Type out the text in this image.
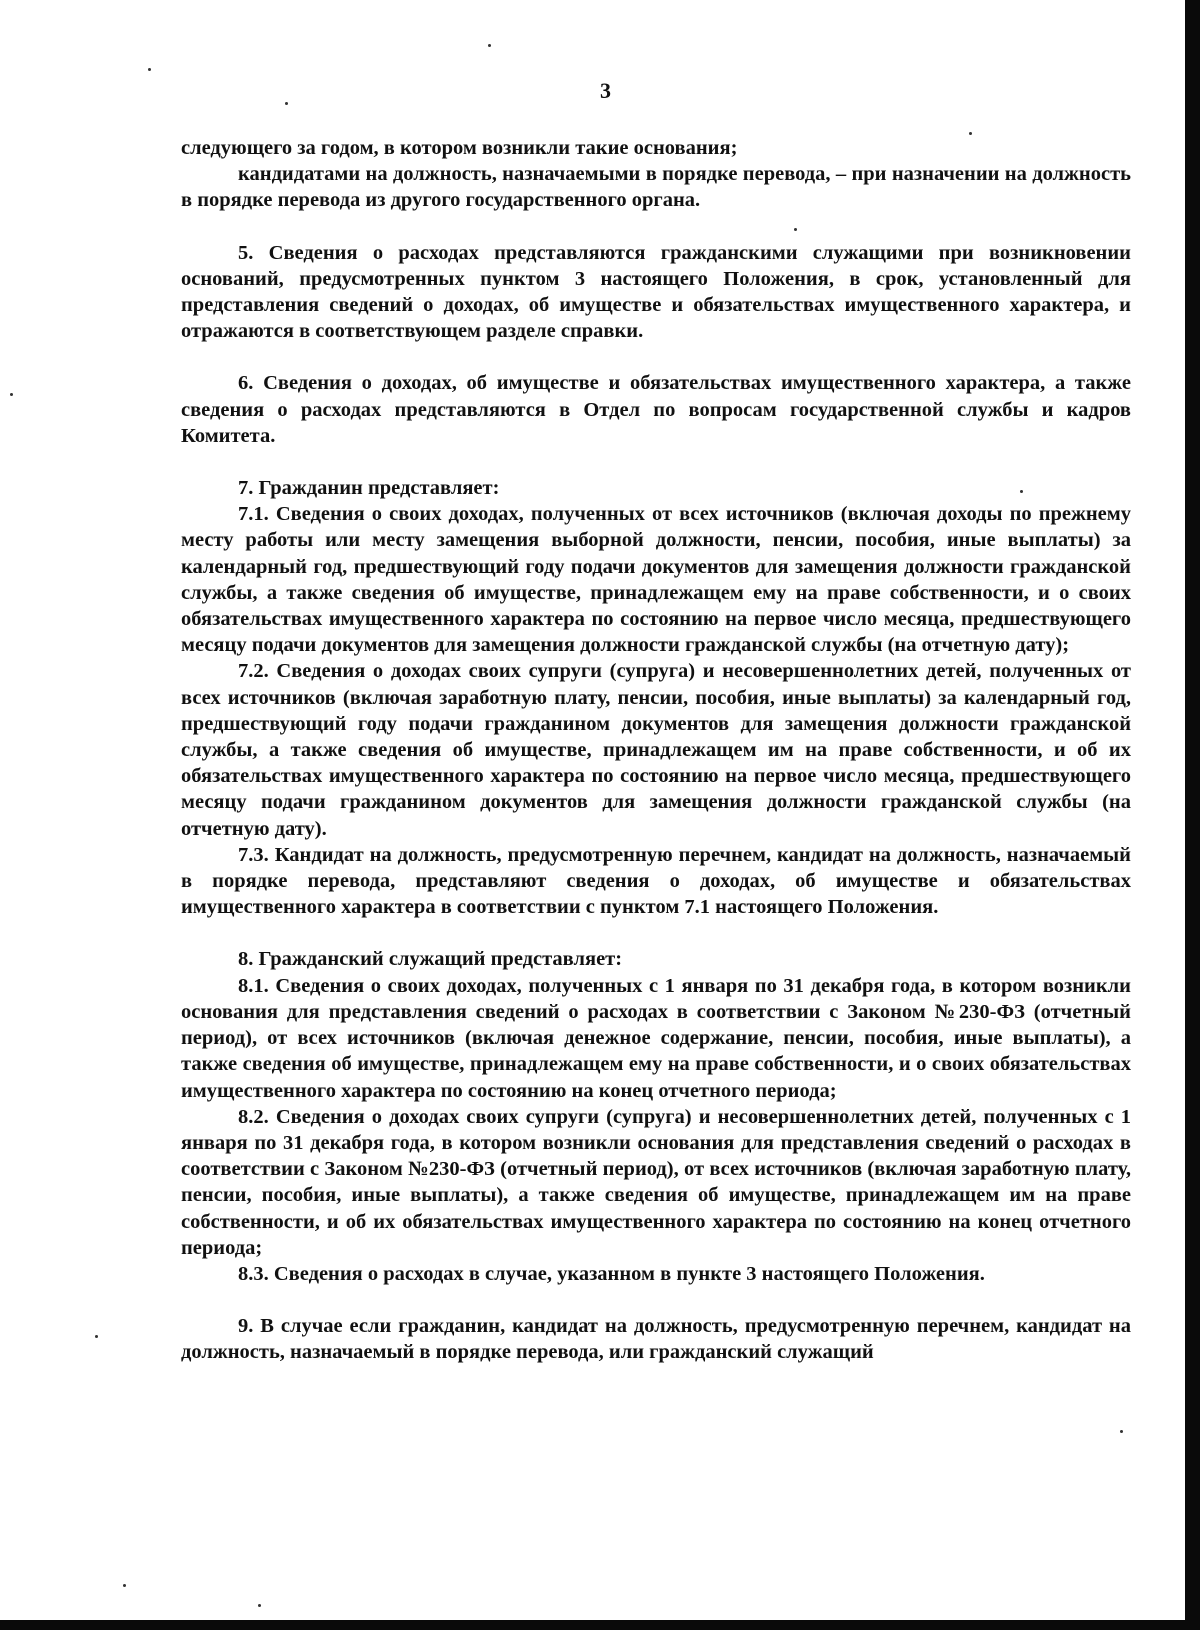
3

следующего за годом, в котором возникли такие основания;

кандидатами на должность, назначаемыми в порядке перевода, – при назначении на должность в порядке перевода из другого государственного органа.

5. Сведения о расходах представляются гражданскими служащими при возникновении оснований, предусмотренных пунктом 3 настоящего Положения, в срок, установленный для представления сведений о доходах, об имуществе и обязательствах имущественного характера, и отражаются в соответствующем разделе справки.

6. Сведения о доходах, об имуществе и обязательствах имущественного характера, а также сведения о расходах представляются в Отдел по вопросам государственной службы и кадров Комитета.

7. Гражданин представляет:

7.1. Сведения о своих доходах, полученных от всех источников (включая доходы по прежнему месту работы или месту замещения выборной должности, пенсии, пособия, иные выплаты) за календарный год, предшествующий году подачи документов для замещения должности гражданской службы, а также сведения об имуществе, принадлежащем ему на праве собственности, и о своих обязательствах имущественного характера по состоянию на первое число месяца, предшествующего месяцу подачи документов для замещения должности гражданской службы (на отчетную дату);

7.2. Сведения о доходах своих супруги (супруга) и несовершеннолетних детей, полученных от всех источников (включая заработную плату, пенсии, пособия, иные выплаты) за календарный год, предшествующий году подачи гражданином документов для замещения должности гражданской службы, а также сведения об имуществе, принадлежащем им на праве собственности, и об их обязательствах имущественного характера по состоянию на первое число месяца, предшествующего месяцу подачи гражданином документов для замещения должности гражданской службы (на отчетную дату).

7.3. Кандидат на должность, предусмотренную перечнем, кандидат на должность, назначаемый в порядке перевода, представляют сведения о доходах, об имуществе и обязательствах имущественного характера в соответствии с пунктом 7.1 настоящего Положения.

8. Гражданский служащий представляет:

8.1. Сведения о своих доходах, полученных с 1 января по 31 декабря года, в котором возникли основания для представления сведений о расходах в соответствии с Законом №230-ФЗ (отчетный период), от всех источников (включая денежное содержание, пенсии, пособия, иные выплаты), а также сведения об имуществе, принадлежащем ему на праве собственности, и о своих обязательствах имущественного характера по состоянию на конец отчетного периода;

8.2. Сведения о доходах своих супруги (супруга) и несовершеннолетних детей, полученных с 1 января по 31 декабря года, в котором возникли основания для представления сведений о расходах в соответствии с Законом №230-ФЗ (отчетный период), от всех источников (включая заработную плату, пенсии, пособия, иные выплаты), а также сведения об имуществе, принадлежащем им на праве собственности, и об их обязательствах имущественного характера по состоянию на конец отчетного периода;

8.3. Сведения о расходах в случае, указанном в пункте 3 настоящего Положения.

9. В случае если гражданин, кандидат на должность, предусмотренную перечнем, кандидат на должность, назначаемый в порядке перевода, или гражданский служащий
